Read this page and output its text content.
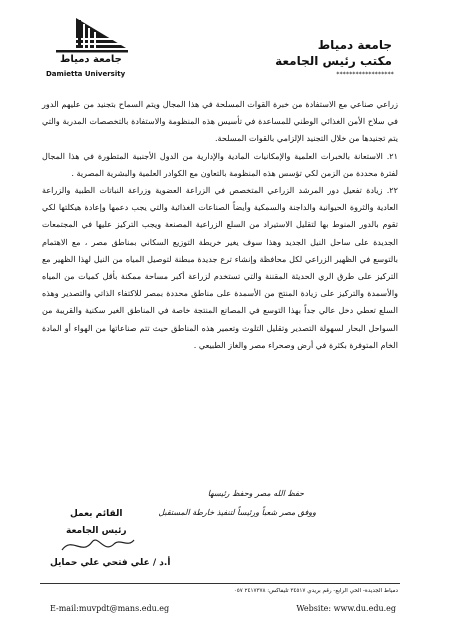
جامعة دمياط
Damietta University
جامعة دمياط
مكتب رئيس الجامعة
******************

زراعي صناعي مع الاستفادة من خبرة القوات المسلحة في هذا المجال ويتم السماح بتجنيد من عليهم الدور في سلاح الأمن الغذائي الوطني للمساعدة في تأسيس هذه المنظومة والاستفادة بالتخصصات المدربة والتي يتم تجنيدها من خلال التجنيد الإلزامي بالقوات المسلحة.

٢١. الاستعانة بالخبرات العلمية والإمكانيات المادية والإدارية من الدول الأجنبية المتطورة في هذا المجال لفترة محددة من الزمن لكي تؤسس هذه المنظومة بالتعاون مع الكوادر العلمية والبشرية المصرية .

٢٢. زيادة تفعيل دور المرشد الزراعي المتخصص في الزراعة العضوية وزراعة النباتات الطبية والزراعة العادية والثروة الحيوانية والداجنة والسمكية وأيضاً الصناعات الغذائية والتي يجب دعمها وإعادة هيكلتها لكي تقوم بالدور المنوط بها لتقليل الاستيراد من السلع الزراعية المصنعة ويجب التركيز عليها في المجتمعات الجديدة على ساحل النيل الجديد وهذا سوف يغير خريطة التوزيع السكاني بمناطق مصر ، مع الاهتمام بالتوسع في الظهير الزراعي لكل محافظة وإنشاء ترع جديدة مبطنة لتوصيل المياه من النيل لهذا الظهير مع التركيز على طرق الري الحديثة المقننة والتي تستخدم لزراعة أكبر مساحة ممكنة بأقل كميات من المياه والأسمدة والتركيز على زيادة المنتج من الأسمدة على مناطق محددة بمصر للاكتفاء الذاتي والتصدير وهذه السلع تعطي دخل عالي جداً بهذا التوسع في المصانع المنتجة خاصة في المناطق الغير سكنية والقريبة من السواحل البحار لسهولة التصدير وتقليل التلوث وتعمير هذه المناطق حيث تتم صناعاتها من الهواء أو المادة الخام المتوفرة بكثرة في أرض وصحراء مصر والغاز الطبيعي .

حفظ الله مصر وحفظ رئيسها
ووفق مصر شعباً ورئيساً لتنفيذ خارطة المستقبل
القائم بعمل
رئيس الجامعة
أ.د / علي فتحي علي حمايل
دمياط الجديدة- الحي الرابع- رقم بريدي ٣٤٥١٧ تليفاكس: ٢٤١٧٣٧٨ ٠٥٧
E-mail:muvpdt@mans.edu.eg	Website: www.du.edu.eg
